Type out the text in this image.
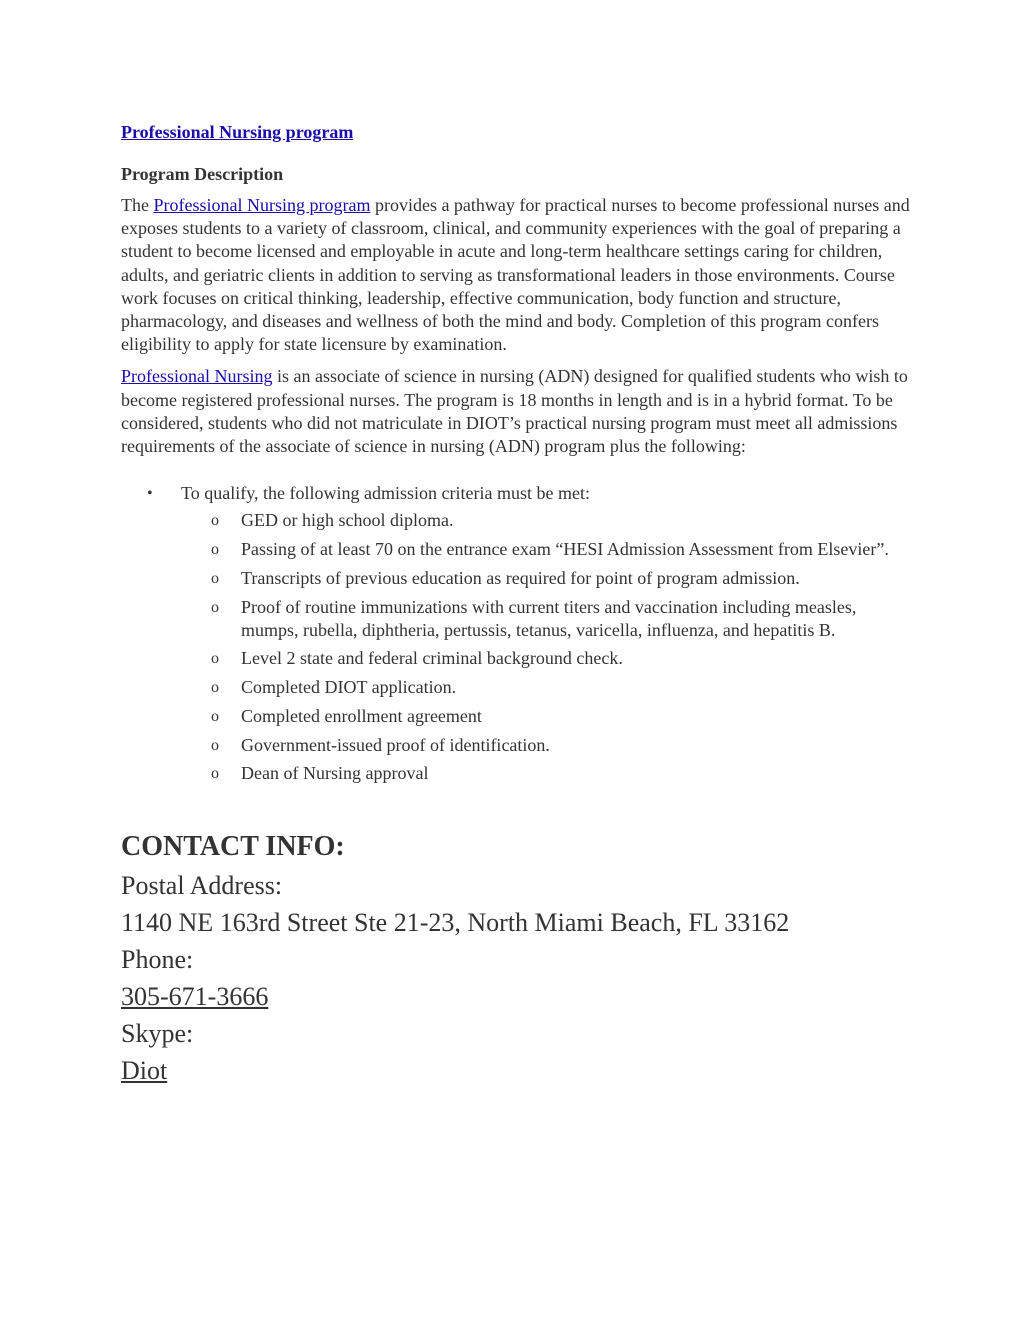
Professional Nursing program
Program Description

The Professional Nursing program provides a pathway for practical nurses to become professional nurses and exposes students to a variety of classroom, clinical, and community experiences with the goal of preparing a student to become licensed and employable in acute and long-term healthcare settings caring for children, adults, and geriatric clients in addition to serving as transformational leaders in those environments. Course work focuses on critical thinking, leadership, effective communication, body function and structure, pharmacology, and diseases and wellness of both the mind and body. Completion of this program confers eligibility to apply for state licensure by examination.

Professional Nursing is an associate of science in nursing (ADN) designed for qualified students who wish to become registered professional nurses. The program is 18 months in length and is in a hybrid format. To be considered, students who did not matriculate in DIOT’s practical nursing program must meet all admissions requirements of the associate of science in nursing (ADN) program plus the following:

• To qualify, the following admission criteria must be met:
o GED or high school diploma.
o Passing of at least 70 on the entrance exam “HESI Admission Assessment from Elsevier”.
o Transcripts of previous education as required for point of program admission.
o Proof of routine immunizations with current titers and vaccination including measles, mumps, rubella, diphtheria, pertussis, tetanus, varicella, influenza, and hepatitis B.
o Level 2 state and federal criminal background check.
o Completed DIOT application.
o Completed enrollment agreement
o Government-issued proof of identification.
o Dean of Nursing approval
CONTACT INFO:
Postal Address:
1140 NE 163rd Street Ste 21-23, North Miami Beach, FL 33162
Phone:
305-671-3666
Skype:
Diot
